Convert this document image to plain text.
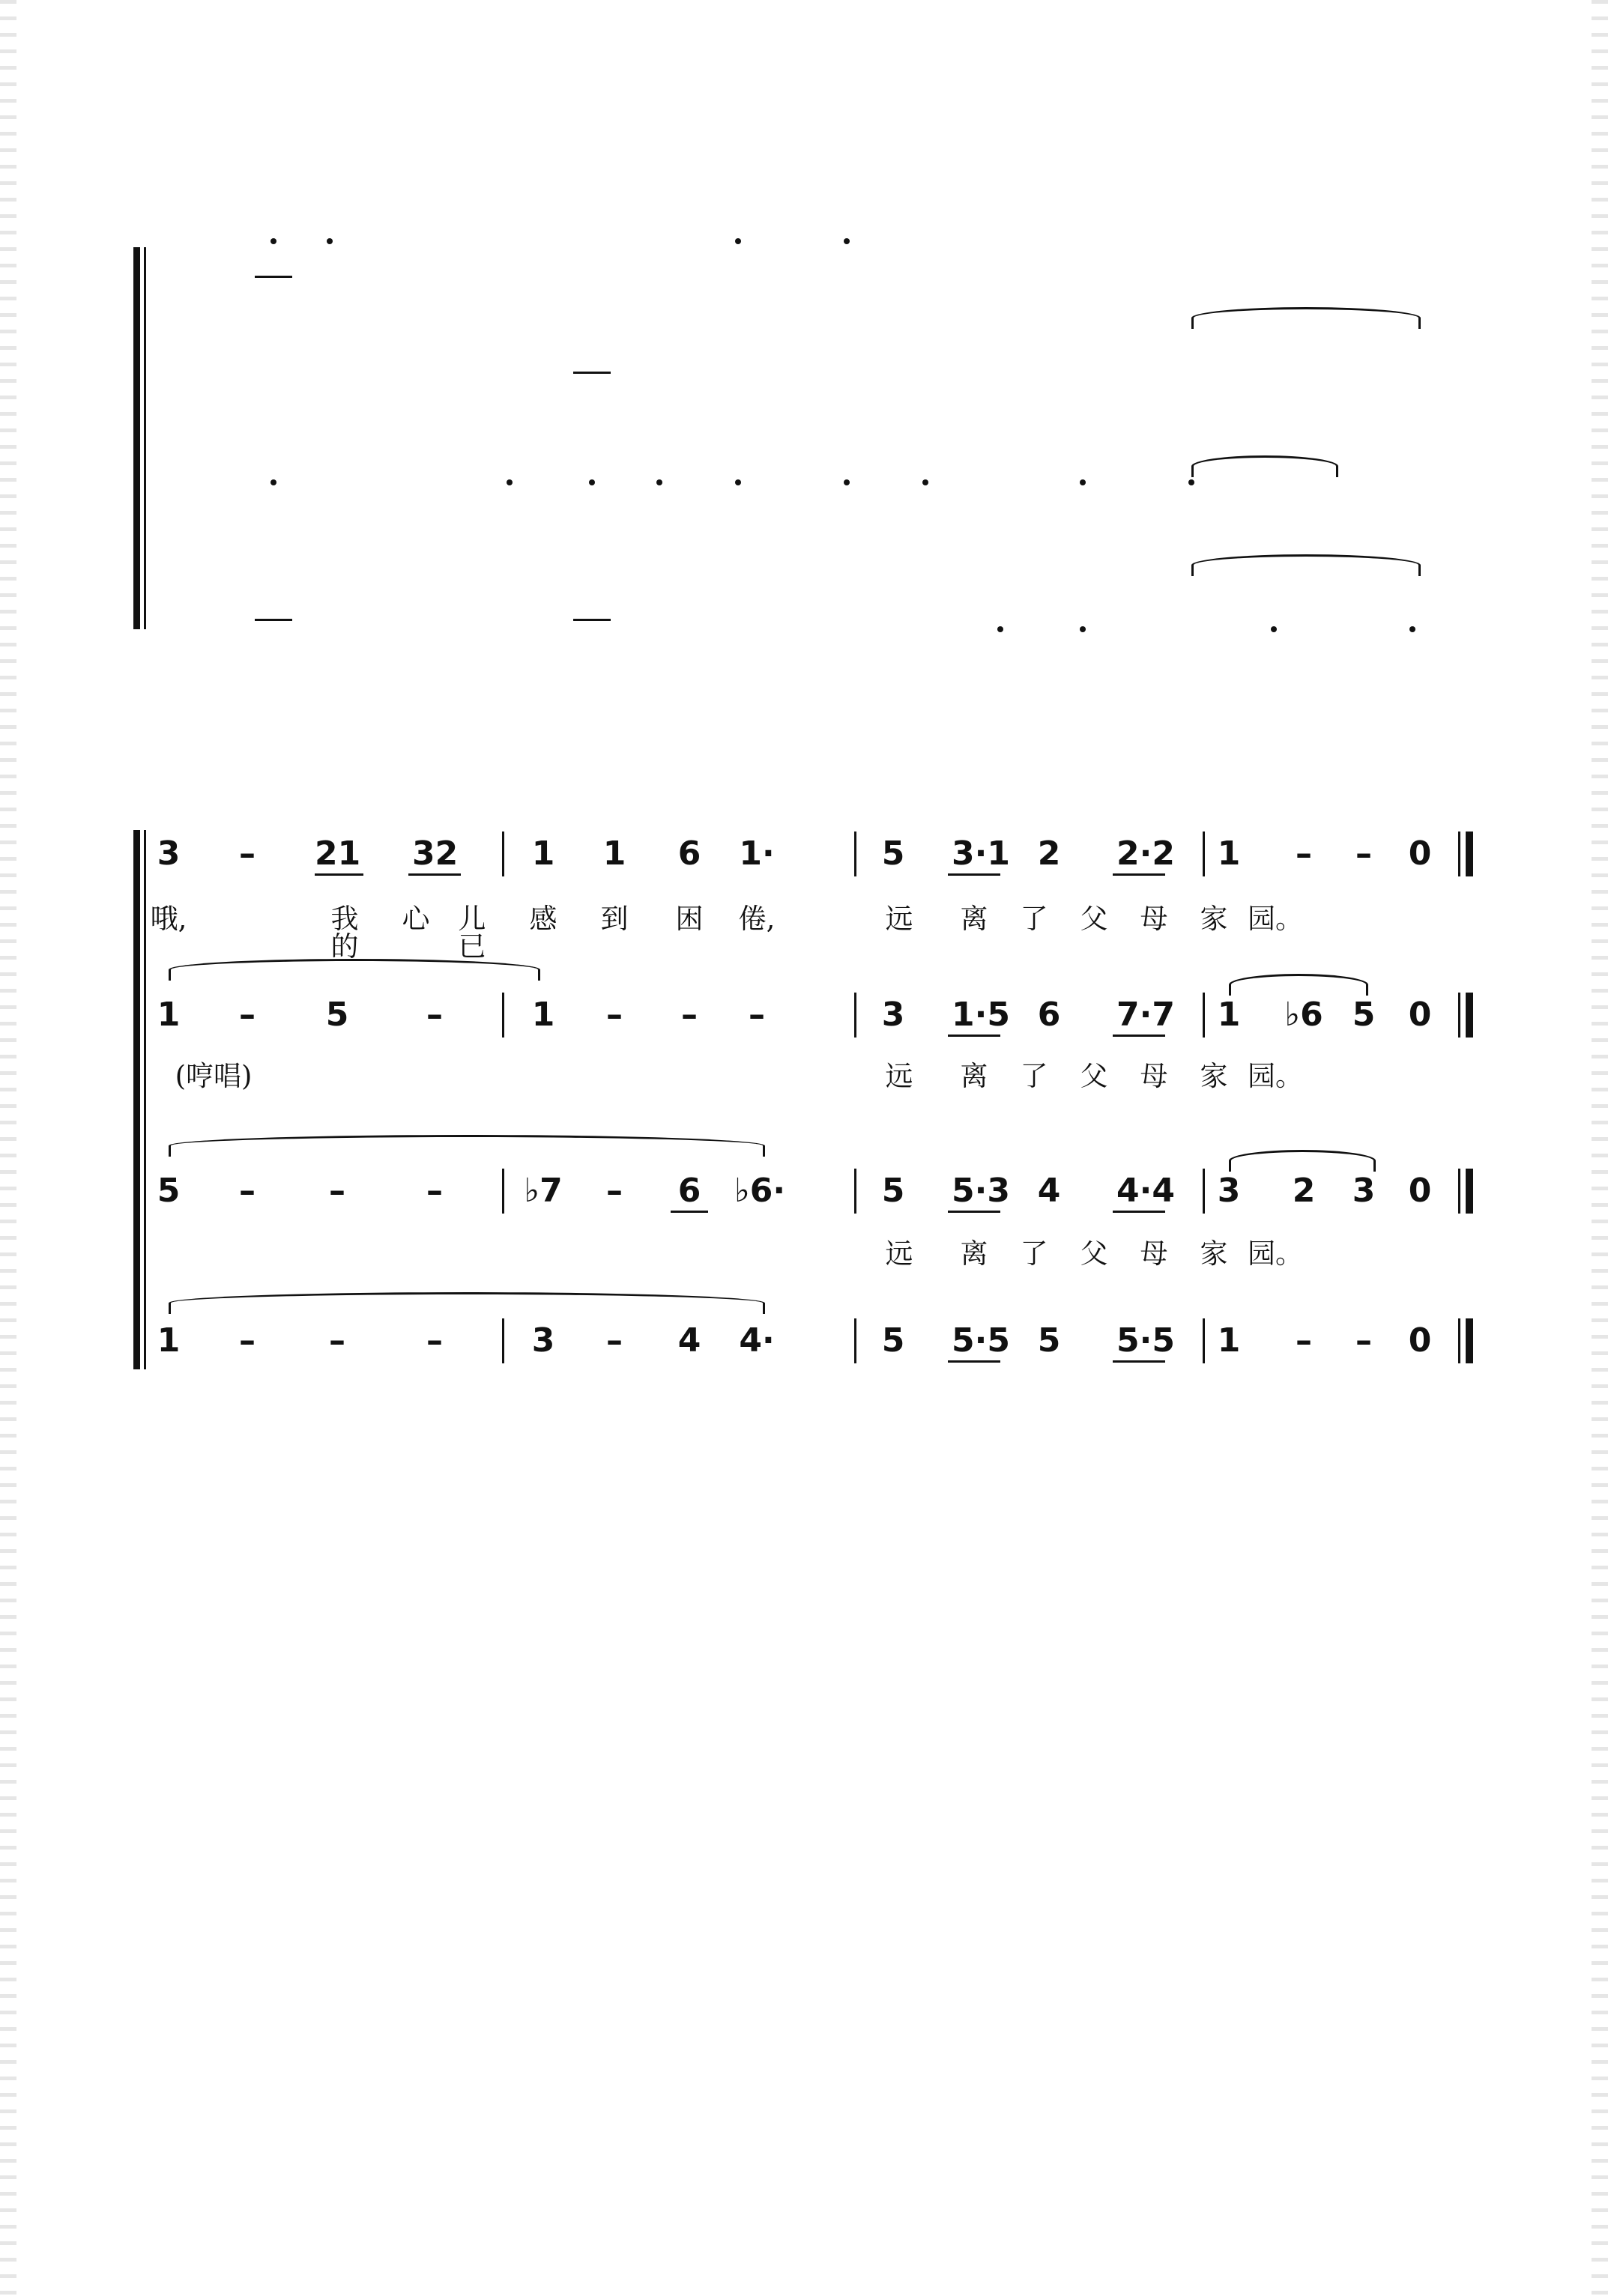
3	–	21 32	1	1	6	1·	5	3·1 2	2·2	1	–	–	0
1	–	5	–	1	–	–	–	3	1·5 6	7·7	1	♭6 5	0
5	–	–	–	♭7	–	6	♭6·	5	5·3 4	4·4	3	2	3	0
1	–	–	–	3	–	4	4·	5	5·5 5	5·5	1	–	–	0
哦,	我的
心	儿已
感	到	困	倦,	远	离	了	父	母	家 园。
(哼唱)	远	离	了	父	母	家 园。
远	离	了	父	母	家 园。
